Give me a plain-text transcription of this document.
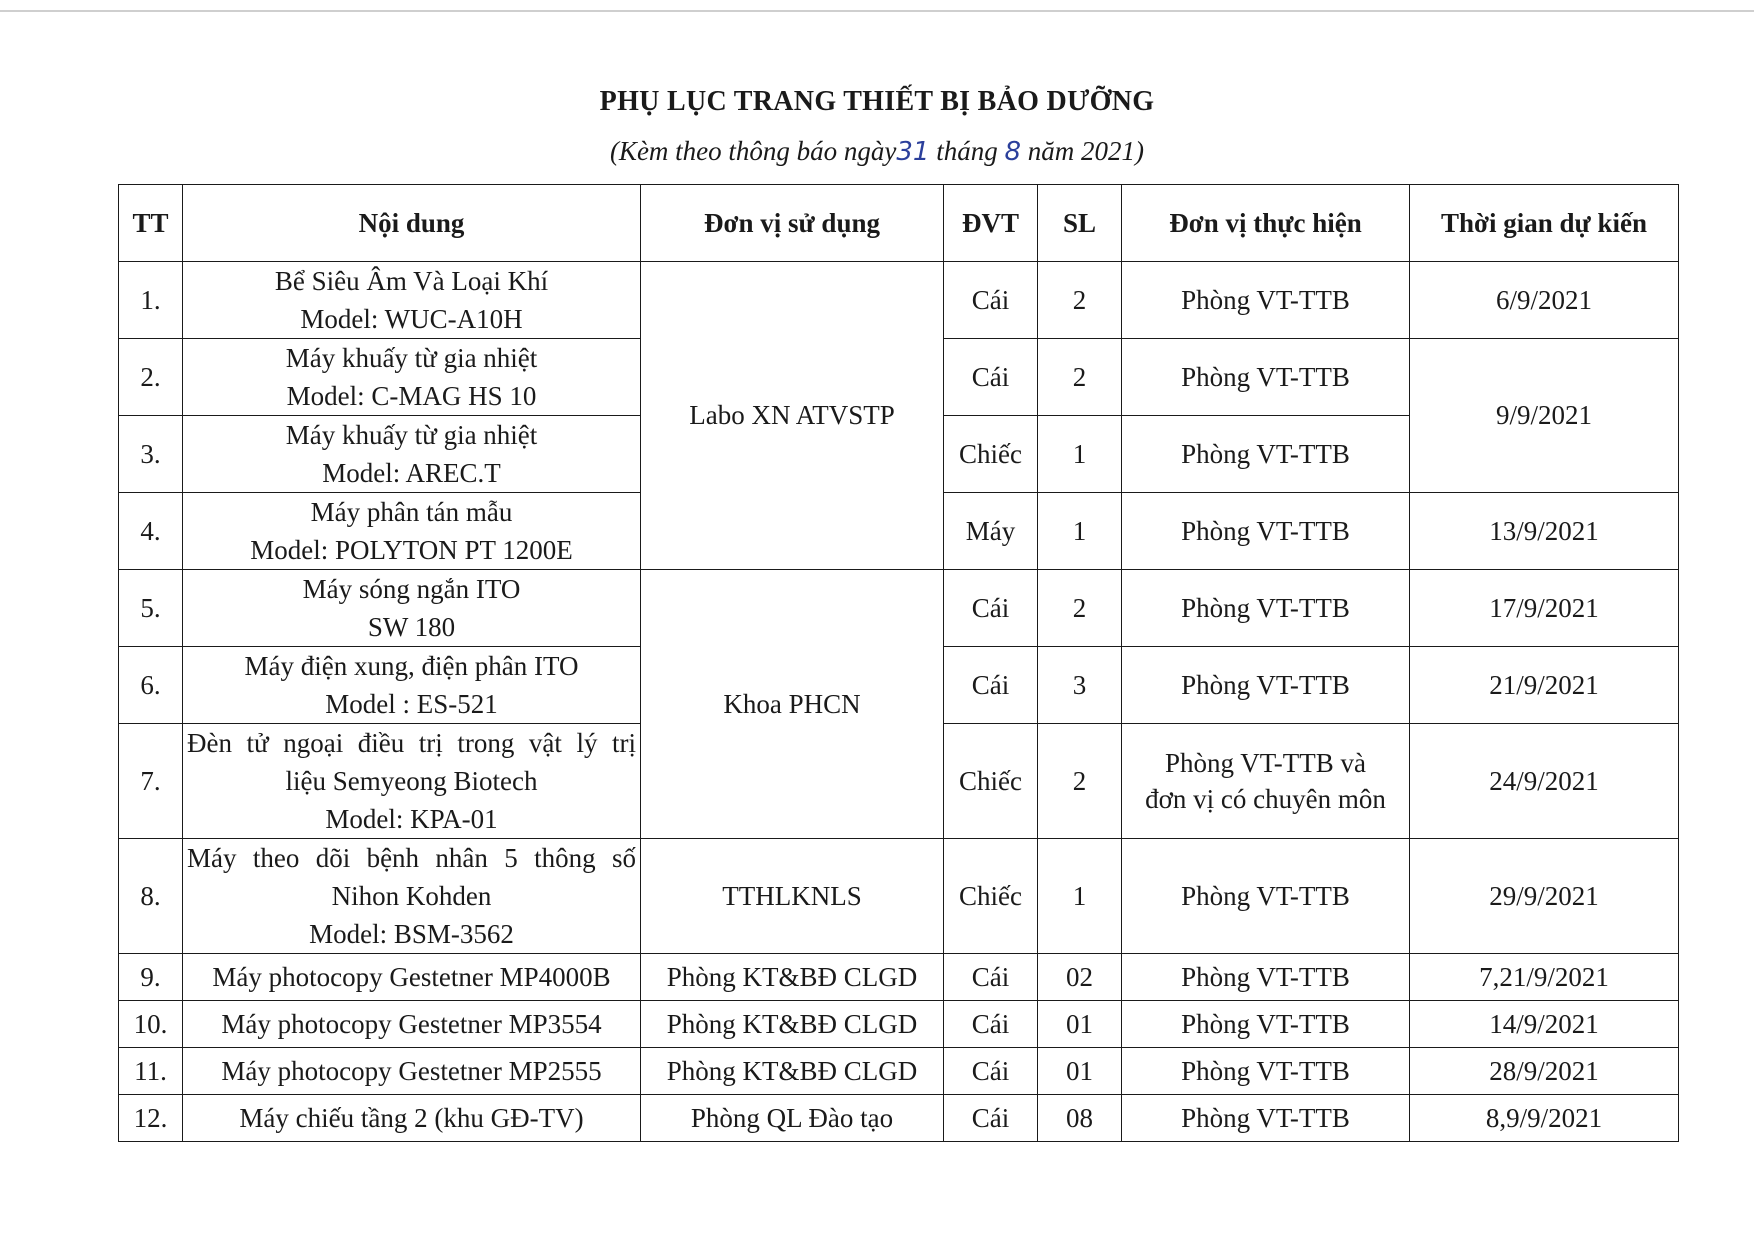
PHỤ LỤC TRANG THIẾT BỊ BẢO DƯỠNG
(Kèm theo thông báo ngày31 tháng 8 năm 2021)
TT	Nội dung	Đơn vị sử dụng	ĐVT	SL	Đơn vị thực hiện	Thời gian dự kiến
1.	Bể Siêu Âm Và Loại Khí
Model: WUC-A10H	Labo XN ATVSTP	Cái	2	Phòng VT-TTB	6/9/2021
2.	Máy khuấy từ gia nhiệt
Model: C-MAG HS 10		Cái	2	Phòng VT-TTB	9/9/2021
3.	Máy khuấy từ gia nhiệt
Model: AREC.T		Chiếc	1	Phòng VT-TTB	
4.	Máy phân tán mẫu
Model: POLYTON PT 1200E		Máy	1	Phòng VT-TTB	13/9/2021
5.	Máy sóng ngắn ITO
SW 180	Khoa PHCN	Cái	2	Phòng VT-TTB	17/9/2021
6.	Máy điện xung, điện phân ITO
Model : ES-521		Cái	3	Phòng VT-TTB	21/9/2021
7.	Đèn tử ngoại điều trị trong vật lý trị
liệu Semyeong Biotech
Model: KPA-01		Chiếc	2	Phòng VT-TTB và
đơn vị có chuyên môn	24/9/2021
8.	Máy theo dõi bệnh nhân 5 thông số
Nihon Kohden
Model: BSM-3562	TTHLKNLS	Chiếc	1	Phòng VT-TTB	29/9/2021
9.	Máy photocopy Gestetner MP4000B	Phòng KT&BĐ CLGD	Cái	02	Phòng VT-TTB	7,21/9/2021
10.	Máy photocopy Gestetner MP3554	Phòng KT&BĐ CLGD	Cái	01	Phòng VT-TTB	14/9/2021
11.	Máy photocopy Gestetner MP2555	Phòng KT&BĐ CLGD	Cái	01	Phòng VT-TTB	28/9/2021
12.	Máy chiếu tầng 2 (khu GĐ-TV)	Phòng QL Đào tạo	Cái	08	Phòng VT-TTB	8,9/9/2021
